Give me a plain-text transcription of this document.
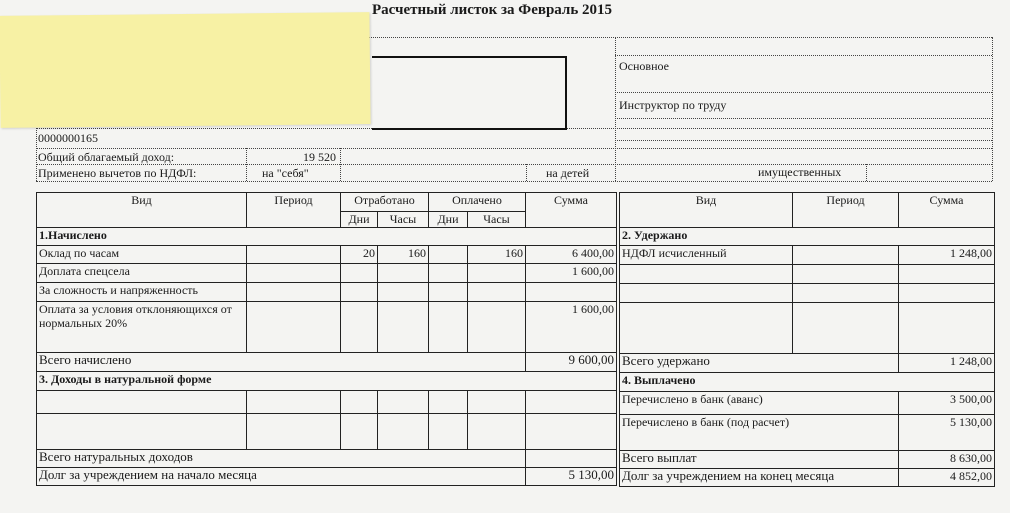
Расчетный листок за Февраль 2015
Основное
Инструктор по труду
0000000165
Общий облагаемый доход:	19 520
Применено вычетов по НДФЛ:	на "себя"	на детей	имущественных
Вид	Период	Отработано		Оплачено		Сумма
		Дни	Часы	Дни	Часы	
1.Начислено						
Оклад по часам		20	160		160	6 400,00
Доплата спецсела						1 600,00
За сложность и напряженность						
Оплата за условия отклоняющихся от нормальных 20%						1 600,00
Всего начислено						9 600,00
3. Доходы в натуральной форме						

Всего натуральных доходов						
Долг за учреждением на начало месяца						5 130,00
Вид	Период	Сумма
2. Удержано		
НДФЛ исчисленный		1 248,00

Всего удержано		1 248,00
4. Выплачено		
Перечислено в банк (аванс)		3 500,00
Перечислено в банк (под расчет)		5 130,00
Всего выплат		8 630,00
Долг за учреждением на конец месяца		4 852,00
